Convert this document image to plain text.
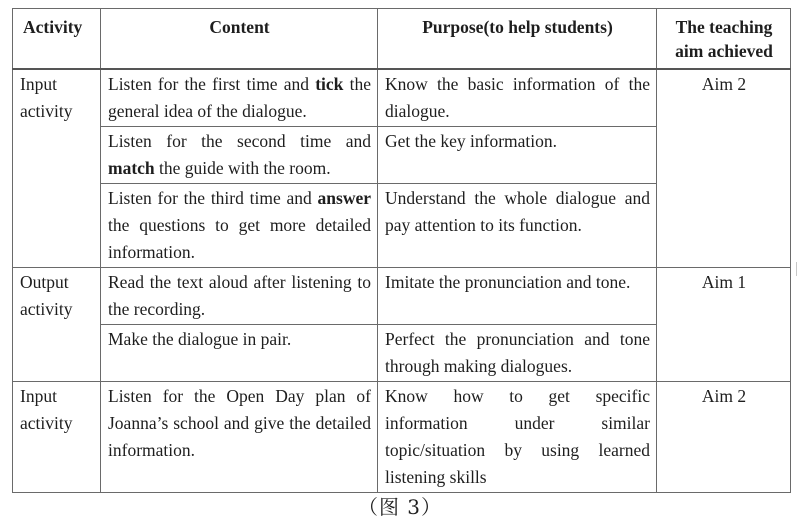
Activity	Content	Purpose(to help students)	The teaching
aim achieved
Input activity	Listen for the first time and tick the general idea of the dialogue.	Know the basic information of the dialogue.	Aim 2
	Listen for the second time and match the guide with the room.	Get the key information.	
	Listen for the third time and answer the questions to get more detailed information.	Understand the whole dialogue and pay attention to its function.	
Output activity	Read the text aloud after listening to the recording.	Imitate the pronunciation and tone.	Aim 1
	Make the dialogue in pair.	Perfect the pronunciation and tone through making dialogues.	
Input activity	Listen for the Open Day plan of Joanna’s school and give the detailed information.	Know how to get specific information under similar topic/situation by using learned listening skills	Aim 2
（图 3）
